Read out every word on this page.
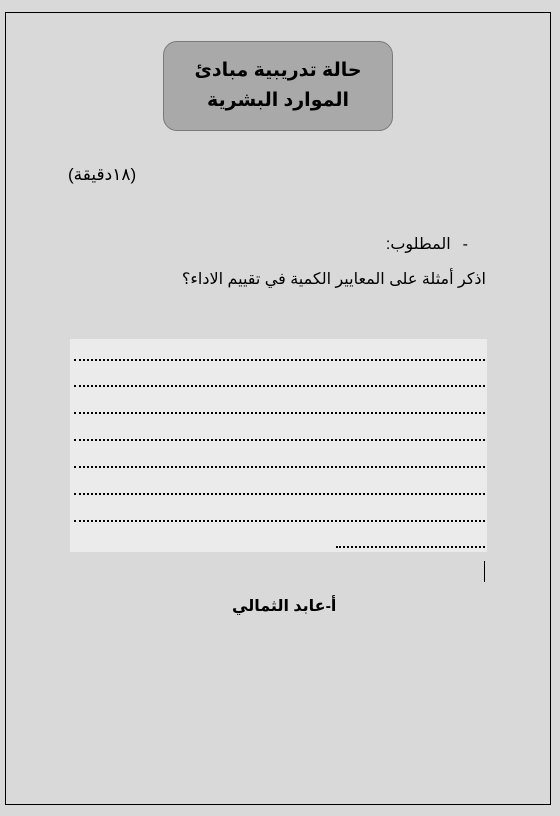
حالة تدريبية مبادئ
الموارد البشرية
(١٨دقيقة)
-المطلوب:
اذكر أمثلة على المعايير الكمية في تقييم الاداء؟
أ-عابد الثمالي
